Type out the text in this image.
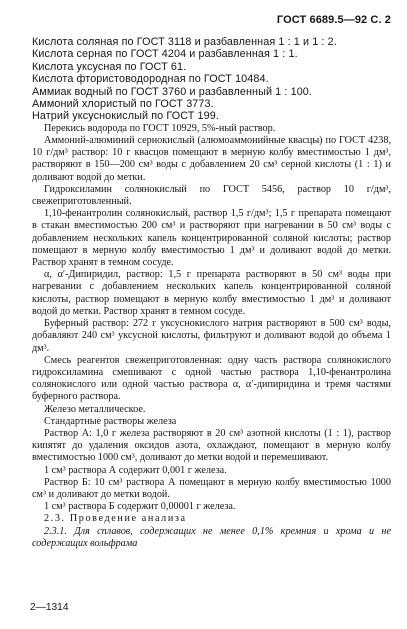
ГОСТ 6689.5—92 С. 2

Кислота соляная по ГОСТ 3118 и разбавленная 1 : 1 и 1 : 2.

Кислота серная по ГОСТ 4204 и разбавленная 1 : 1.

Кислота уксусная по ГОСТ 61.

Кислота фтористоводородная по ГОСТ 10484.

Аммиак водный по ГОСТ 3760 и разбавленный 1 : 100.

Аммоний хлористый по ГОСТ 3773.

Натрий уксуснокислый по ГОСТ 199.

Перекись водорода по ГОСТ 10929, 5%-ный раствор.

Аммоний-алюминий сернокислый (алюмоаммонийные квасцы) по ГОСТ 4238, 10 г/дм³ раствор: 10 г квасцов помещают в мерную колбу вместимостью 1 дм³, растворяют в 150—200 см³ воды с добавлением 20 см³ серной кислоты (1 : 1) и доливают водой до метки.

Гидроксиламин солянокислый по ГОСТ 5456, раствор 10 г/дм³, свежеприготовленный.

1,10-фенантролин солянокислый, раствор 1,5 г/дм³; 1,5 г препарата помещают в стакан вместимостью 200 см³ и растворяют при нагревании в 50 см³ воды с добавлением нескольких капель концентрированной соляной кислоты; раствор помещают в мерную колбу вместимостью 1 дм³ и доливают водой до метки. Раствор хранят в темном сосуде.

α, α′-Дипиридил, раствор: 1,5 г препарата растворяют в 50 см³ воды при нагревании с добавлением нескольких капель концентрированной соляной кислоты, раствор помещают в мерную колбу вместимостью 1 дм³ и доливают водой до метки. Раствор хранят в темном сосуде.

Буферный раствор: 272 г уксуснокислого натрия растворяют в 500 см³ воды, добавляют 240 см³ уксусной кислоты, фильтруют и доливают водой до объема 1 дм³.

Смесь реагентов свежеприготовленная: одну часть раствора солянокислого гидроксиламина смешивают с одной частью раствора 1,10-фенантролина солянокислого или одной частью раствора α, α′-дипиридина и тремя частями буферного раствора.

Железо металлическое.

Стандартные растворы железа

Раствор А: 1,0 г железа растворяют в 20 см³ азотной кислоты (1 : 1), раствор кипятят до удаления оксидов азота, охлаждают, помещают в мерную колбу вместимостью 1000 см³, доливают до метки водой и перемешивают.

1 см³ раствора А содержит 0,001 г железа.

Раствор Б: 10 см³ раствора А помещают в мерную колбу вместимостью 1000 см³ и доливают до метки водой.

1 см³ раствора Б содержит 0,00001 г железа.

2.3. Проведение анализа

2.3.1. Для сплавов, содержащих не менее 0,1% кремния и хрома и не содержащих вольфрама

2—1314
